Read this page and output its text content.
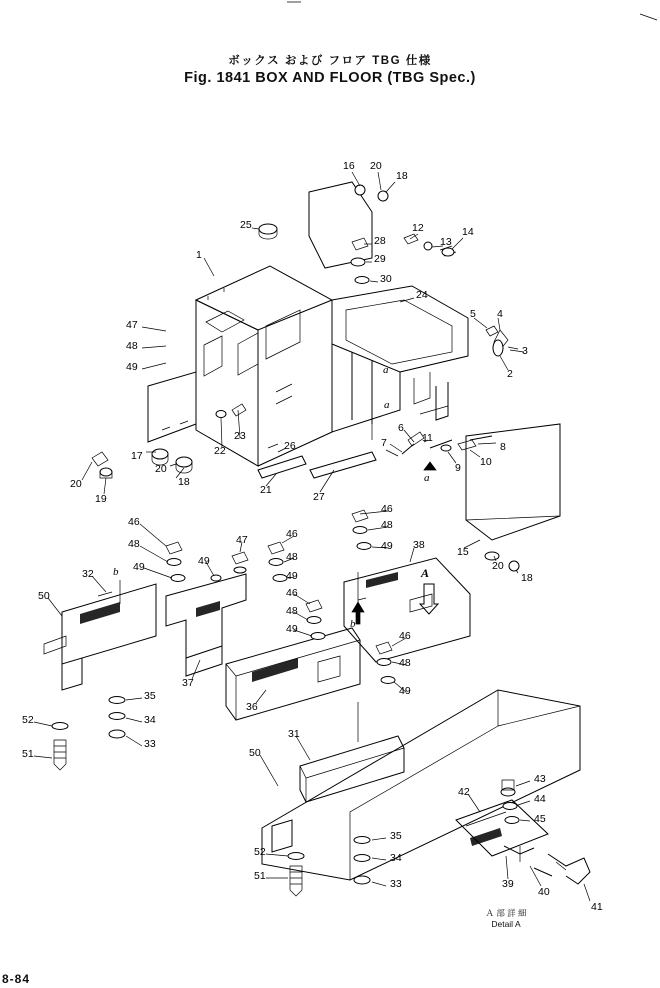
ボックス および フロア TBG 仕様
Fig. 1841 BOX AND FLOOR (TBG Spec.)
16 20
18
12
13
14
25
28
29
30
1
24
5 4
3
2
47
48
49
6
11
7
9 10
8
17
20
18
22
23
26
20
19
21
27
15
20
18
46
48
49 38
46
48
49
46
48
49
46
48
49
47
49
32
50
46
48
49
37
36
35
34
33
52
51
31
50
35
34
33
52
51
43
44
45
42
39
40
41
a
a
a
b
b
A
Ａ 部 詳 細
Detail A
8-84
